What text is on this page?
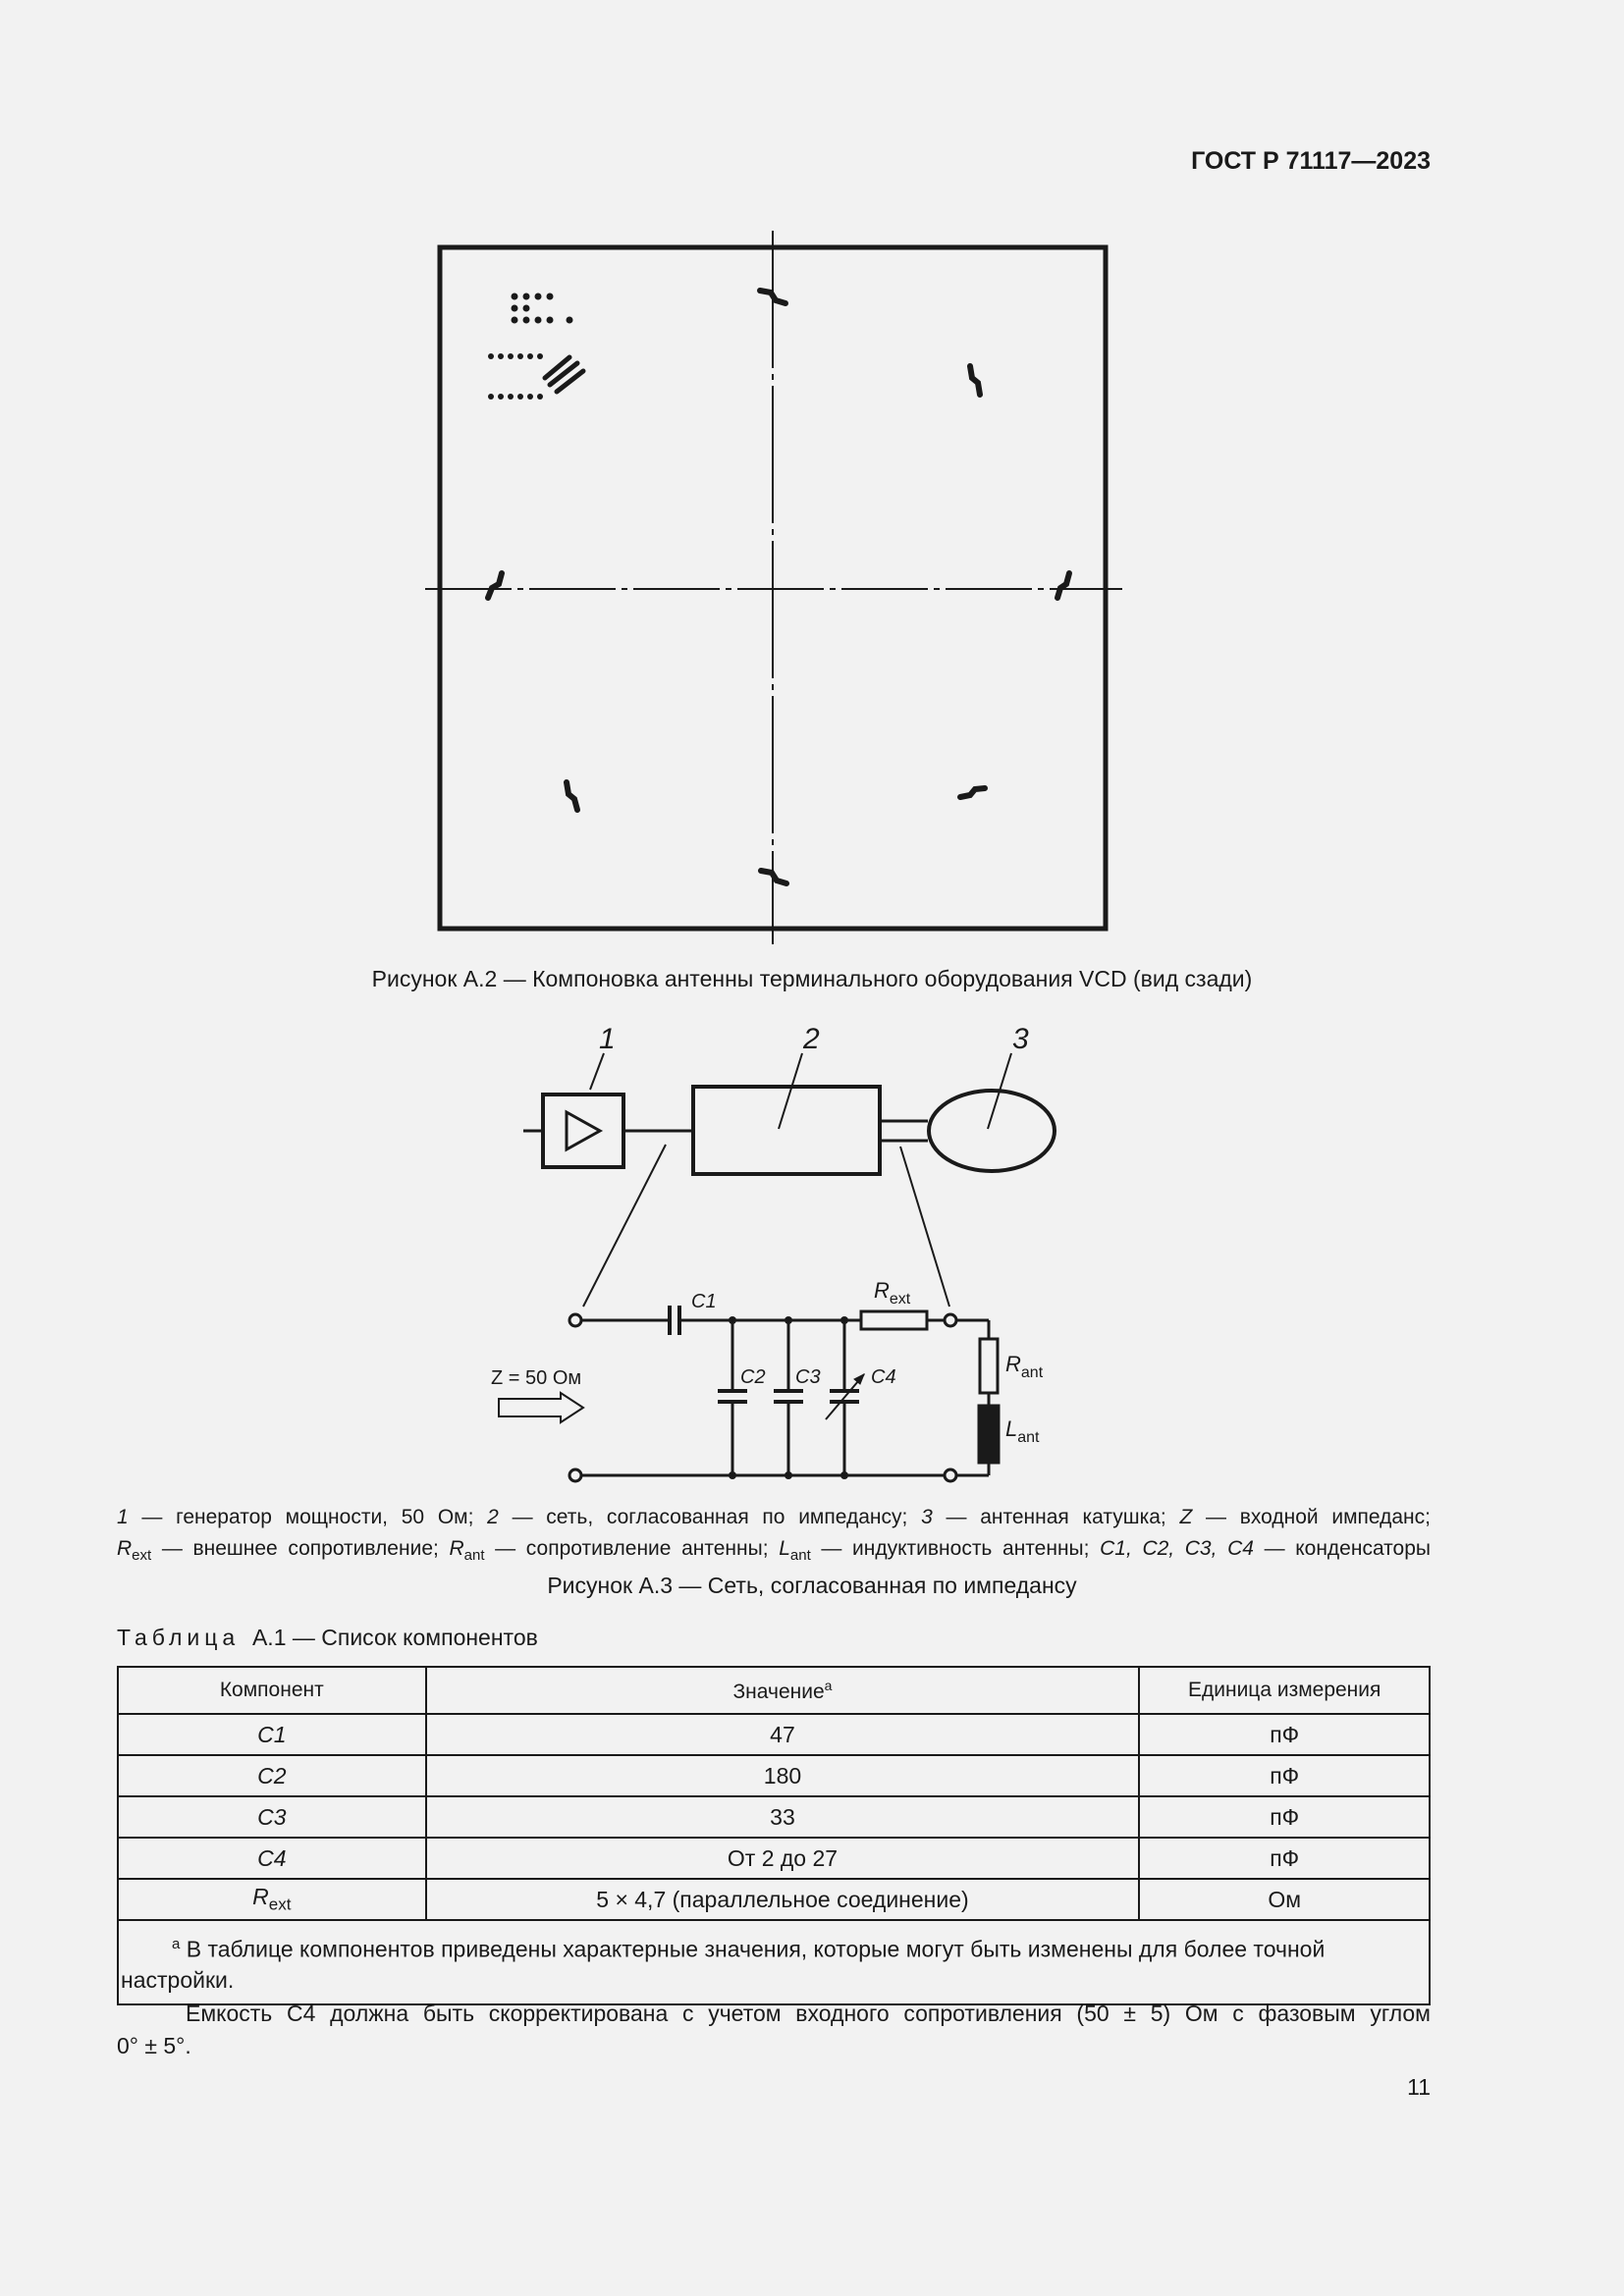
ГОСТ Р 71117—2023
Рисунок А.2 — Компоновка антенны терминального оборудования VCD (вид сзади)
1	2	3
С1
С2 С3	С4
$R_{ext}$
$R_{ant}$
$L_{ant}$
Z = 50 Ом
1 — генератор мощности, 50 Ом; 2 — сеть, согласованная по импедансу; 3 — антенная катушка; Z — входной импеданс;
$R_{ext}$ — внешнее сопротивление; $R_{ant}$ — сопротивление антенны; $L_{ant}$ — индуктивность антенны; С1, С2, С3, С4 — конденсаторы
Рисунок А.3 — Сеть, согласованная по импедансу
Таблица А.1 — Список компонентов
Компонент	Значение$^a$	Единица измерения
С1	47	пФ
С2	180	пФ
С3	33	пФ
С4	От 2 до 27	пФ
$R_{ext}$	5 × 4,7 (параллельное соединение)	Ом
$^a$ В таблице компонентов приведены характерные значения, которые могут быть изменены для более точной настройки.		
Емкость С4 должна быть скорректирована с учетом входного сопротивления (50 ± 5) Ом с фазовым углом
0° ± 5°.
11
